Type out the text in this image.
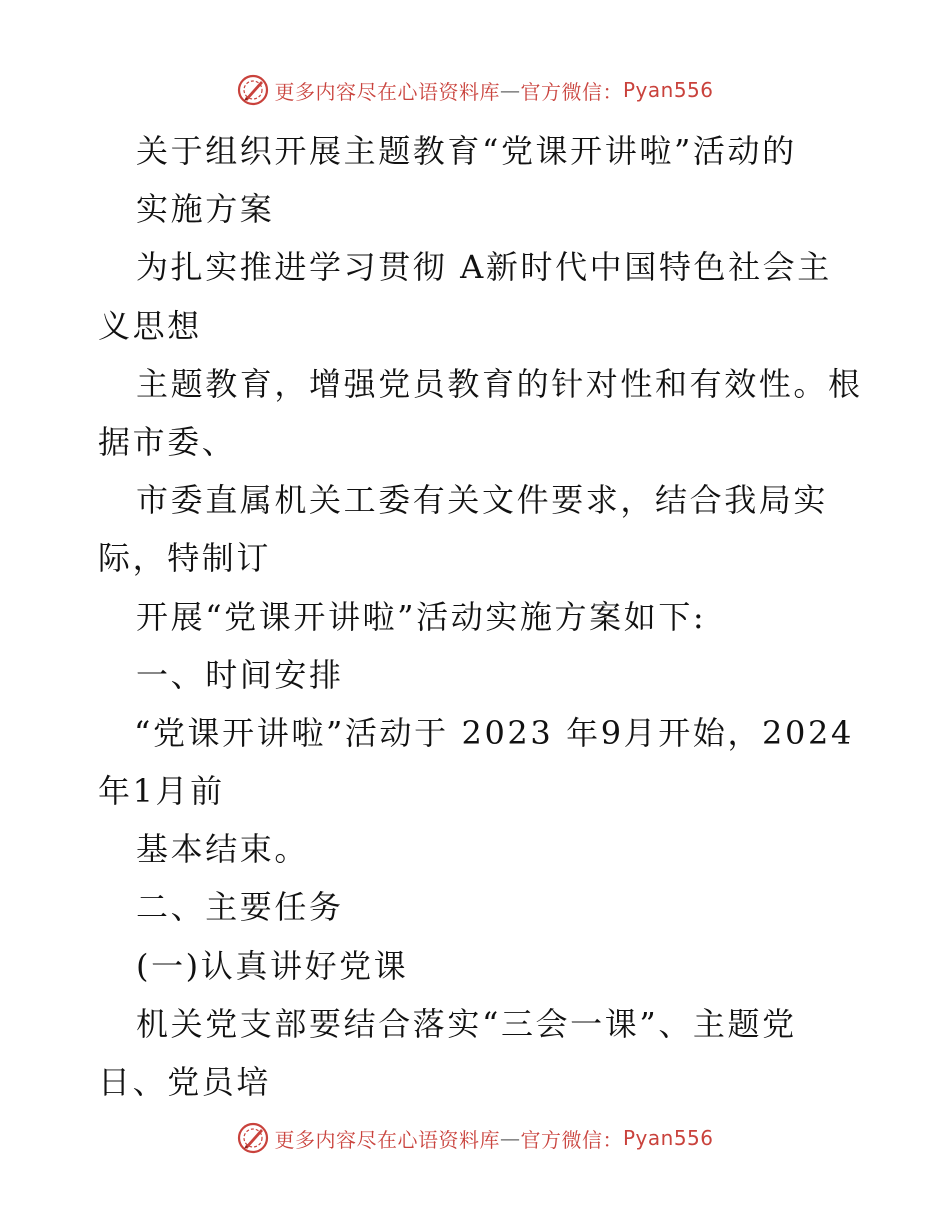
更多内容尽在心语资料库 — 官方微信： Pyan556
关于组织开展主题教育“党课开讲啦”活动的
实施方案
为扎实推进学习贯彻 A新时代中国特色社会主
义思想
主题教育，增强党员教育的针对性和有效性。根
据市委、
市委直属机关工委有关文件要求，结合我局实
际，特制订
开展“党课开讲啦”活动实施方案如下:
一、时间安排
“党课开讲啦”活动于 2023 年9月开始，2024
年1月前
基本结束。
二、主要任务
(一)认真讲好党课
机关党支部要结合落实“三会一课”、主题党
日、党员培
更多内容尽在心语资料库 — 官方微信： Pyan556
